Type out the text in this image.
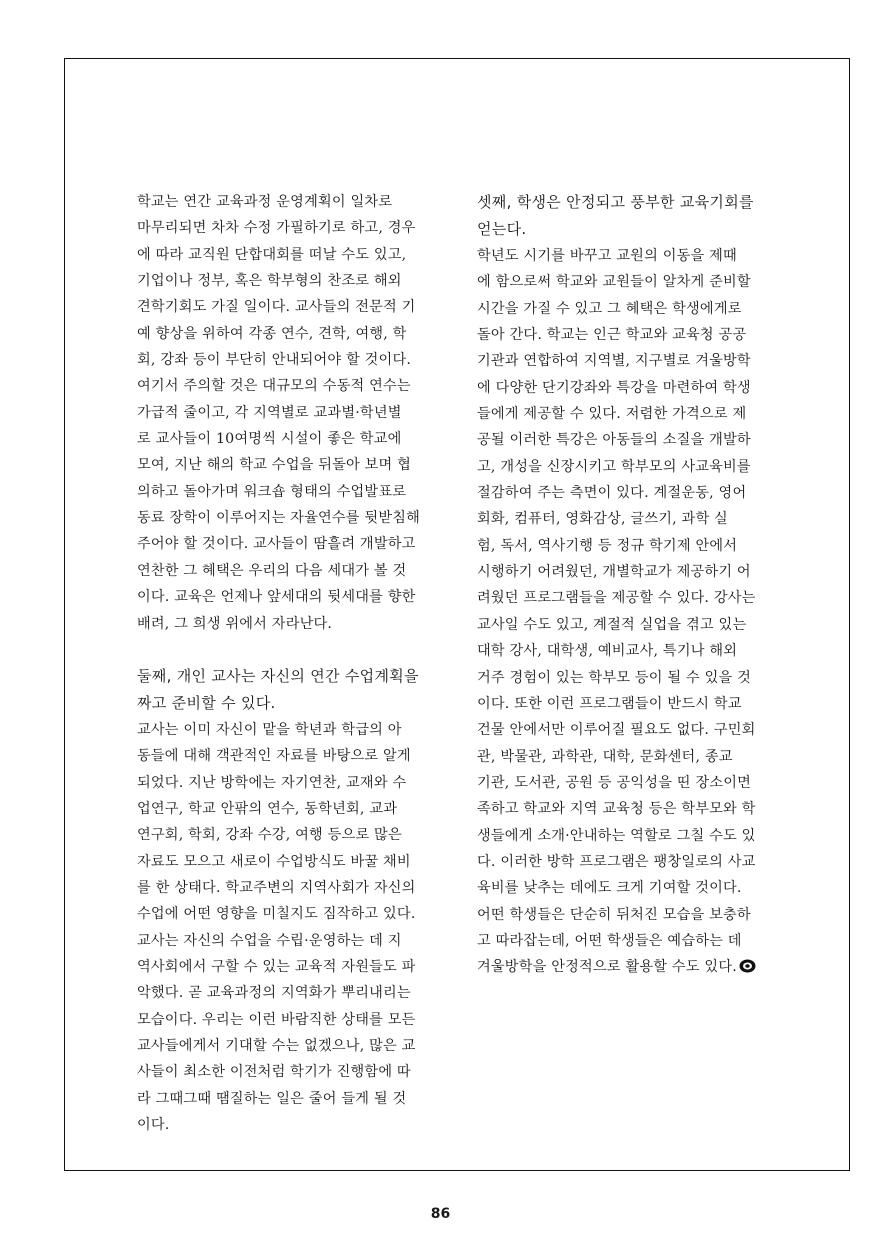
학교는 연간 교육과정 운영계획이 일차로
마무리되면 차차 수정 가필하기로 하고, 경우
에 따라 교직원 단합대회를 떠날 수도 있고,
기업이나 정부, 혹은 학부형의 찬조로 해외
견학기회도 가질 일이다. 교사들의 전문적 기
예 향상을 위하여 각종 연수, 견학, 여행, 학
회, 강좌 등이 부단히 안내되어야 할 것이다.
여기서 주의할 것은 대규모의 수동적 연수는
가급적 줄이고, 각 지역별로 교과별·학년별
로 교사들이 10여명씩 시설이 좋은 학교에
모여, 지난 해의 학교 수업을 뒤돌아 보며 협
의하고 돌아가며 워크숍 형태의 수업발표로
동료 장학이 이루어지는 자율연수를 뒷받침해
주어야 할 것이다. 교사들이 땀흘려 개발하고
연찬한 그 혜택은 우리의 다음 세대가 볼 것
이다. 교육은 언제나 앞세대의 뒷세대를 향한
배려, 그 희생 위에서 자라난다.

둘째, 개인 교사는 자신의 연간 수업계획을
짜고 준비할 수 있다.

교사는 이미 자신이 맡을 학년과 학급의 아
동들에 대해 객관적인 자료를 바탕으로 알게
되었다. 지난 방학에는 자기연찬, 교재와 수
업연구, 학교 안팎의 연수, 동학년회, 교과
연구회, 학회, 강좌 수강, 여행 등으로 많은
자료도 모으고 새로이 수업방식도 바꿀 채비
를 한 상태다. 학교주변의 지역사회가 자신의
수업에 어떤 영향을 미칠지도 짐작하고 있다.
교사는 자신의 수업을 수립·운영하는 데 지
역사회에서 구할 수 있는 교육적 자원들도 파
악했다. 곧 교육과정의 지역화가 뿌리내리는
모습이다. 우리는 이런 바람직한 상태를 모든
교사들에게서 기대할 수는 없겠으나, 많은 교
사들이 최소한 이전처럼 학기가 진행함에 따
라 그때그때 땜질하는 일은 줄어 들게 될 것
이다.

셋째, 학생은 안정되고 풍부한 교육기회를
얻는다.

학년도 시기를 바꾸고 교원의 이동을 제때
에 함으로써 학교와 교원들이 알차게 준비할
시간을 가질 수 있고 그 혜택은 학생에게로
돌아 간다. 학교는 인근 학교와 교육청 공공
기관과 연합하여 지역별, 지구별로 겨울방학
에 다양한 단기강좌와 특강을 마련하여 학생
들에게 제공할 수 있다. 저렴한 가격으로 제
공될 이러한 특강은 아동들의 소질을 개발하
고, 개성을 신장시키고 학부모의 사교육비를
절감하여 주는 측면이 있다. 계절운동, 영어
회화, 컴퓨터, 영화감상, 글쓰기, 과학 실
험, 독서, 역사기행 등 정규 학기제 안에서
시행하기 어려웠던, 개별학교가 제공하기 어
려웠던 프로그램들을 제공할 수 있다. 강사는
교사일 수도 있고, 계절적 실업을 겪고 있는
대학 강사, 대학생, 예비교사, 특기나 해외
거주 경험이 있는 학부모 등이 될 수 있을 것
이다. 또한 이런 프로그램들이 반드시 학교
건물 안에서만 이루어질 필요도 없다. 구민회
관, 박물관, 과학관, 대학, 문화센터, 종교
기관, 도서관, 공원 등 공익성을 띤 장소이면
족하고 학교와 지역 교육청 등은 학부모와 학
생들에게 소개·안내하는 역할로 그칠 수도 있
다. 이러한 방학 프로그램은 팽창일로의 사교
육비를 낮추는 데에도 크게 기여할 것이다.
어떤 학생들은 단순히 뒤처진 모습을 보충하
고 따라잡는데, 어떤 학생들은 예습하는 데
겨울방학을 안정적으로 활용할 수도 있다.

86
